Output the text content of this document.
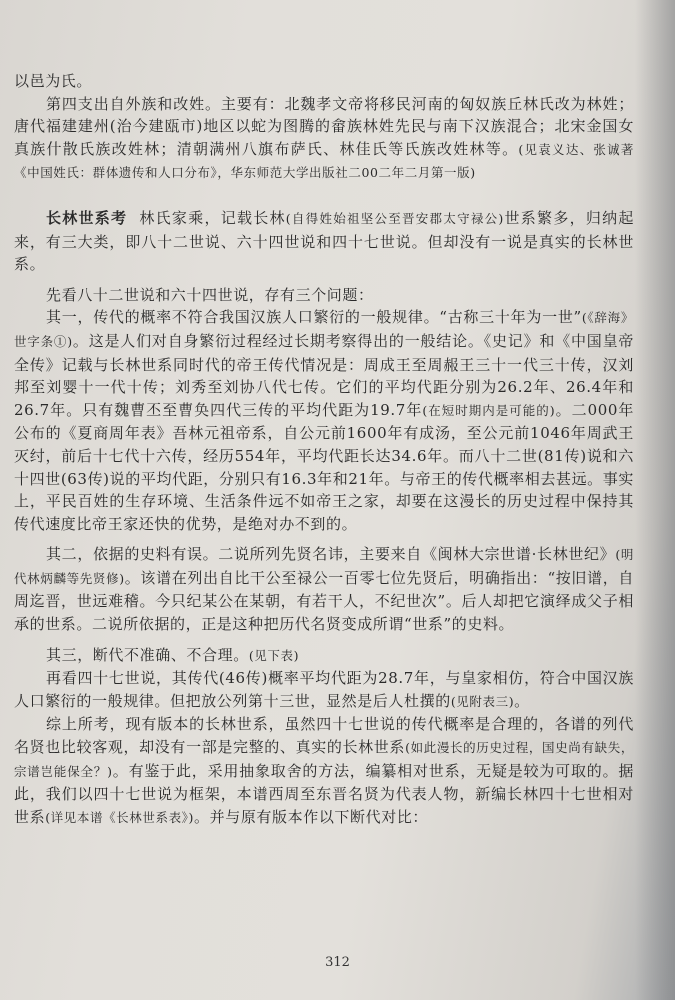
以邑为氏。

第四支出自外族和改姓。主要有：北魏孝文帝将移民河南的匈奴族丘林氏改为林姓；唐代福建建州(治今建瓯市)地区以蛇为图腾的畲族林姓先民与南下汉族混合；北宋金国女真族什散氏族改姓林；清朝满州八旗布萨氏、林佳氏等氏族改姓林等。(见袁义达、张诚著《中国姓氏：群体遗传和人口分布》，华东师范大学出版社二00二年二月第一版)

长林世系考 林氏家乘，记载长林(自得姓始祖坚公至晋安郡太守禄公)世系繁多，归纳起来，有三大类，即八十二世说、六十四世说和四十七世说。但却没有一说是真实的长林世系。

先看八十二世说和六十四世说，存有三个问题：

其一，传代的概率不符合我国汉族人口繁衍的一般规律。“古称三十年为一世”(《辞海》世字条①)。这是人们对自身繁衍过程经过长期考察得出的一般结论。《史记》和《中国皇帝全传》记载与长林世系同时代的帝王传代情况是：周成王至周赧王三十一代三十传，汉刘邦至刘婴十一代十传；刘秀至刘协八代七传。它们的平均代距分别为26.2年、26.4年和26.7年。只有魏曹丕至曹奂四代三传的平均代距为19.7年(在短时期内是可能的)。二000年公布的《夏商周年表》吾林元祖帝系，自公元前1600年有成汤，至公元前1046年周武王灭纣，前后十七代十六传，经历554年，平均代距长达34.6年。而八十二世(81传)说和六十四世(63传)说的平均代距，分别只有16.3年和21年。与帝王的传代概率相去甚远。事实上，平民百姓的生存环境、生活条件远不如帝王之家，却要在这漫长的历史过程中保持其传代速度比帝王家还快的优势，是绝对办不到的。

其二，依据的史料有误。二说所列先贤名讳，主要来自《闽林大宗世谱·长林世纪》(明代林炳麟等先贤修)。该谱在列出自比干公至禄公一百零七位先贤后，明确指出：“按旧谱，自周迄晋，世远难稽。今只纪某公在某朝，有若干人，不纪世次”。后人却把它演绎成父子相承的世系。二说所依据的，正是这种把历代名贤变成所谓“世系”的史料。

其三，断代不准确、不合理。(见下表)

再看四十七世说，其传代(46传)概率平均代距为28.7年，与皇家相仿，符合中国汉族人口繁衍的一般规律。但把放公列第十三世，显然是后人杜撰的(见附表三)。

综上所考，现有版本的长林世系，虽然四十七世说的传代概率是合理的，各谱的列代名贤也比较客观，却没有一部是完整的、真实的长林世系(如此漫长的历史过程，国史尚有缺失，宗谱岂能保全？)。有鉴于此，采用抽象取舍的方法，编纂相对世系，无疑是较为可取的。据此，我们以四十七世说为框架，本谱西周至东晋名贤为代表人物，新编长林四十七世相对世系(详见本谱《长林世系表》)。并与原有版本作以下断代对比：

312
